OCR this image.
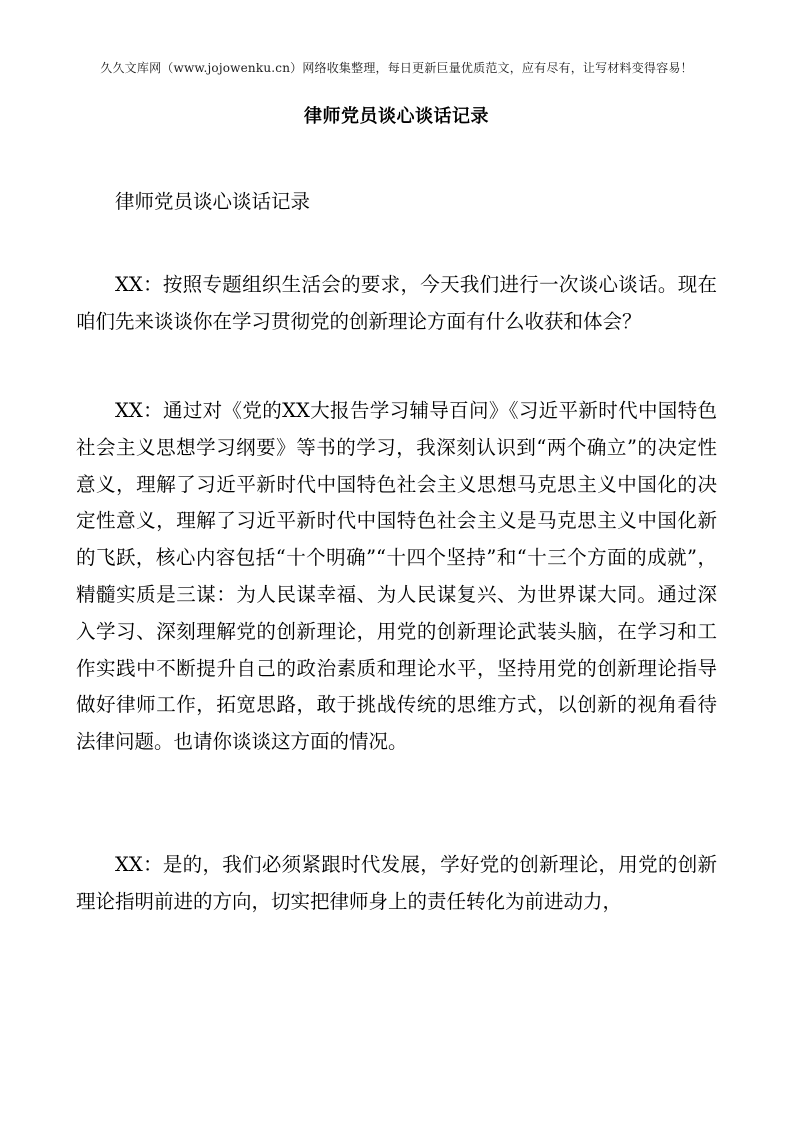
久久文库网（www.jojowenku.cn）网络收集整理，每日更新巨量优质范文，应有尽有，让写材料变得容易！
律师党员谈心谈话记录

律师党员谈心谈话记录

XX：按照专题组织生活会的要求，今天我们进行一次谈心谈话。现在咱们先来谈谈你在学习贯彻党的创新理论方面有什么收获和体会？

XX：通过对《党的XX大报告学习辅导百问》《习近平新时代中国特色社会主义思想学习纲要》等书的学习，我深刻认识到“两个确立”的决定性意义，理解了习近平新时代中国特色社会主义思想马克思主义中国化的决定性意义，理解了习近平新时代中国特色社会主义是马克思主义中国化新的飞跃，核心内容包括“十个明确”“十四个坚持”和“十三个方面的成就”，精髓实质是三谋：为人民谋幸福、为人民谋复兴、为世界谋大同。通过深入学习、深刻理解党的创新理论，用党的创新理论武装头脑，在学习和工作实践中不断提升自己的政治素质和理论水平，坚持用党的创新理论指导做好律师工作，拓宽思路，敢于挑战传统的思维方式，以创新的视角看待法律问题。也请你谈谈这方面的情况。

XX：是的，我们必须紧跟时代发展，学好党的创新理论，用党的创新理论指明前进的方向，切实把律师身上的责任转化为前进动力，
